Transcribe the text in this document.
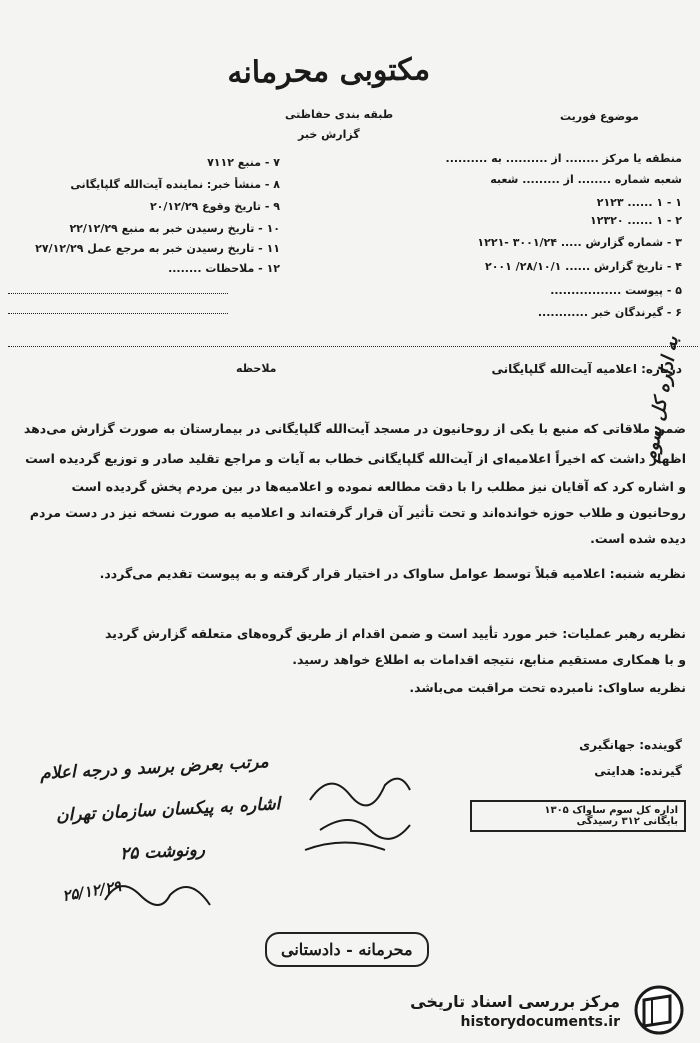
مکتوبی محرمانه
طبقه بندی حفاظتی
گزارش خبر
موضوع فوریت
منطقه یا مرکز ........ از .......... به ..........
شعبه شماره ........ از ......... شعبه
۱ - ۱ ...... ۲۱۲۳
۲ - ۱ ...... ۱۲۳۲۰
۳ - شماره گزارش ..... ۳۰۰۱/۲۴ -۱۲۲۱
۴ - تاریخ گزارش ...... ۲۸/۱۰/۱/ ۲۰۰۱
۵ - پیوست .................
۶ - گیرندگان خبر ............
۷ - منبع ۷۱۱۲
۸ - منشأ خبر: نماینده آیت‌الله گلپایگانی
۹ - تاریخ وقوع ۲۰/۱۲/۲۹
۱۰ - تاریخ رسیدن خبر به منبع ۲۲/۱۲/۲۹
۱۱ - تاریخ رسیدن خبر به مرجع عمل ۲۷/۱۲/۲۹
۱۲ - ملاحظات ........
درباره: اعلامیه آیت‌الله گلپایگانی
ملاحظه
ضمن ملاقاتی که منبع با یکی از روحانیون در مسجد آیت‌الله گلپایگانی در بیمارستان به صورت گزارش می‌دهد
اظهار داشت که اخیراً اعلامیه‌ای از آیت‌الله گلپایگانی خطاب به آیات و مراجع تقلید صادر و توزیع گردیده است
و اشاره کرد که آقایان نیز مطلب را با دقت مطالعه نموده و اعلامیه‌ها در بین مردم پخش گردیده است
روحانیون و طلاب حوزه خوانده‌اند و تحت تأثیر آن قرار گرفته‌اند و اعلامیه به صورت نسخه نیز در دست مردم
دیده شده است.
نظریه شنبه: اعلامیه قبلاً توسط عوامل ساواک در اختیار قرار گرفته و به پیوست تقدیم می‌گردد.
نظریه رهبر عملیات: خبر مورد تأیید است و ضمن اقدام از طریق گروه‌های متعلقه گزارش گردید
و با همکاری مستقیم منابع، نتیجه اقدامات به اطلاع خواهد رسید.
نظریه ساواک: نامبرده تحت مراقبت می‌باشد.
به اداره کل سوم
گوینده: جهانگیری
گیرنده: هدایتی
مرتب بعرض برسد و درجه اعلام
اشاره به پیکسان سازمان تهران
رونوشت ۲۵
۲۵/۱۲/۲۹
اداره کل سوم ساواک ۱۳۰۵
بایگانی ۳۱۲ رسیدگی
محرمانه - دادستانی
مرکز بررسی اسناد تاریخی
historydocuments.ir
